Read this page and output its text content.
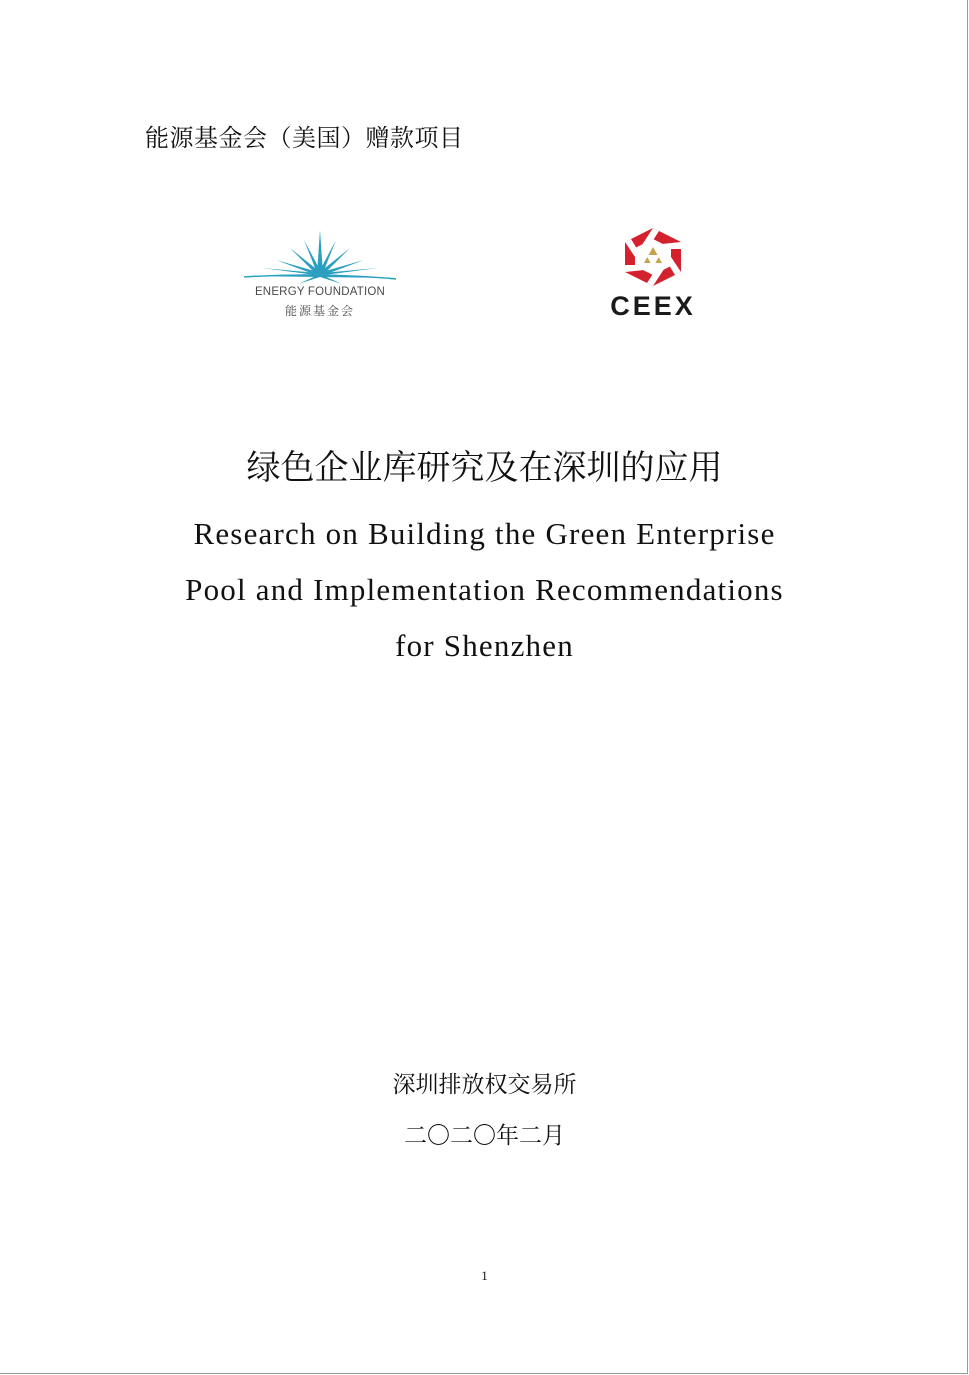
能源基金会（美国）赠款项目
ENERGY FOUNDATION
能源基金会	CEEX
绿色企业库研究及在深圳的应用
Research on Building the Green Enterprise
Pool and Implementation Recommendations
for Shenzhen
深圳排放权交易所
二〇二〇年二月
1
